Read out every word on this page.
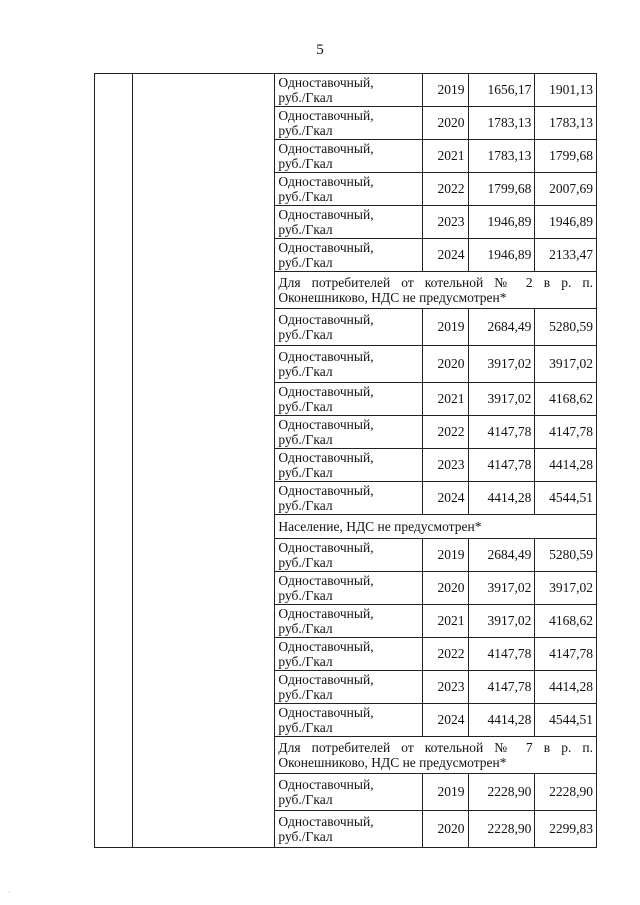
5
		Одноставочный,
руб./Гкал	2019	1656,17	1901,13
		Одноставочный,
руб./Гкал	2020	1783,13	1783,13
		Одноставочный,
руб./Гкал	2021	1783,13	1799,68
		Одноставочный,
руб./Гкал	2022	1799,68	2007,69
		Одноставочный,
руб./Гкал	2023	1946,89	1946,89
		Одноставочный,
руб./Гкал	2024	1946,89	2133,47
		Для потребителей от котельной № 2 в р. п. Оконешниково, НДС не предусмотрен*			
		Одноставочный,
руб./Гкал	2019	2684,49	5280,59
		Одноставочный,
руб./Гкал	2020	3917,02	3917,02
		Одноставочный,
руб./Гкал	2021	3917,02	4168,62
		Одноставочный,
руб./Гкал	2022	4147,78	4147,78
		Одноставочный,
руб./Гкал	2023	4147,78	4414,28
		Одноставочный,
руб./Гкал	2024	4414,28	4544,51
		Население, НДС не предусмотрен*			
		Одноставочный,
руб./Гкал	2019	2684,49	5280,59
		Одноставочный,
руб./Гкал	2020	3917,02	3917,02
		Одноставочный,
руб./Гкал	2021	3917,02	4168,62
		Одноставочный,
руб./Гкал	2022	4147,78	4147,78
		Одноставочный,
руб./Гкал	2023	4147,78	4414,28
		Одноставочный,
руб./Гкал	2024	4414,28	4544,51
		Для потребителей от котельной № 7 в р. п. Оконешниково, НДС не предусмотрен*			
		Одноставочный,
руб./Гкал	2019	2228,90	2228,90
		Одноставочный,
руб./Гкал	2020	2228,90	2299,83
·
